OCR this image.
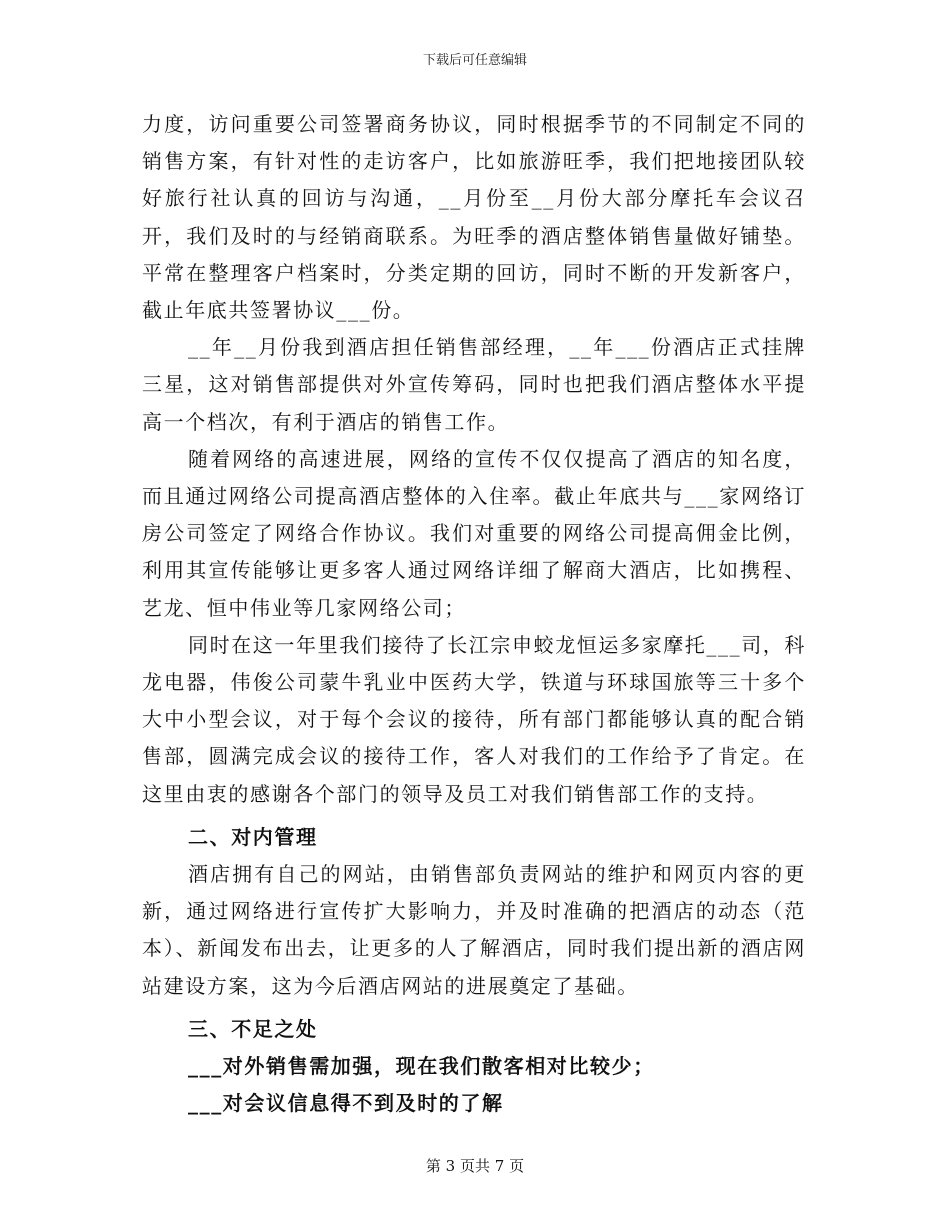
下载后可任意编辑

力度，访问重要公司签署商务协议，同时根据季节的不同制定不同的销售方案，有针对性的走访客户，比如旅游旺季，我们把地接团队较好旅行社认真的回访与沟通，__月份至__月份大部分摩托车会议召开，我们及时的与经销商联系。为旺季的酒店整体销售量做好铺垫。平常在整理客户档案时，分类定期的回访，同时不断的开发新客户，截止年底共签署协议___份。

__年__月份我到酒店担任销售部经理，__年___份酒店正式挂牌三星，这对销售部提供对外宣传筹码，同时也把我们酒店整体水平提高一个档次，有利于酒店的销售工作。

随着网络的高速进展，网络的宣传不仅仅提高了酒店的知名度，而且通过网络公司提高酒店整体的入住率。截止年底共与___家网络订房公司签定了网络合作协议。我们对重要的网络公司提高佣金比例，利用其宣传能够让更多客人通过网络详细了解商大酒店，比如携程、艺龙、恒中伟业等几家网络公司；

同时在这一年里我们接待了长江宗申蛟龙恒运多家摩托___司，科龙电器，伟俊公司蒙牛乳业中医药大学，铁道与环球国旅等三十多个大中小型会议，对于每个会议的接待，所有部门都能够认真的配合销售部，圆满完成会议的接待工作，客人对我们的工作给予了肯定。在这里由衷的感谢各个部门的领导及员工对我们销售部工作的支持。

二、对内管理

酒店拥有自己的网站，由销售部负责网站的维护和网页内容的更新，通过网络进行宣传扩大影响力，并及时准确的把酒店的动态（范本）、新闻发布出去，让更多的人了解酒店，同时我们提出新的酒店网站建设方案，这为今后酒店网站的进展奠定了基础。

三、不足之处

___对外销售需加强，现在我们散客相对比较少；

___对会议信息得不到及时的了解

第 3 页共 7 页
